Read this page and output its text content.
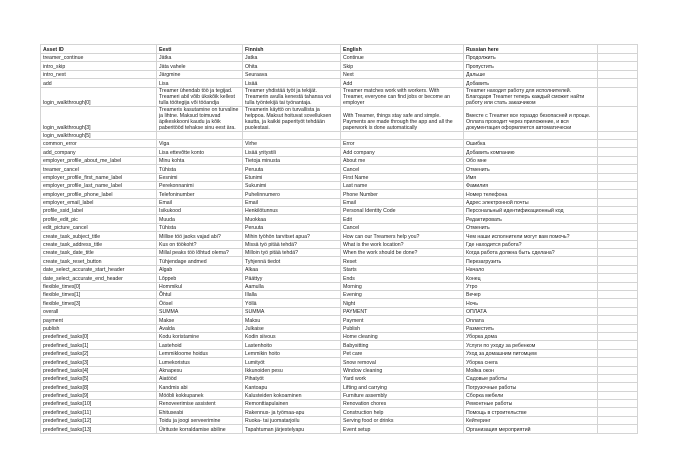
Asset ID	Eesti	Finnish	English	Russian here	
treamer_continue	Jätka	Jatka	Continue	Продолжить	
intro_skip	Jäta vahele	Ohita	Skip	Пропустить	
intro_next	Järgmine	Seuraava	Next	Дальше	
add	Lisa	Lisää	Add	Добавить	
login_walkthrough[0]	Treamer ühendab töö ja tegijad. Treameri abil võib ükskõik kellest tulla töötegija või tööandja	Treamer yhdistää työt ja tekijät. Treamerin avulla kenestä tahansa voi tulla työntekijä tai työnantaja.	Treamer matches work with workers. With Treamer, everyone can find jobs or become an employer	Treamer находит работу для исполнителей. Благодаря Treamer теперь каждый сможет найти работу или стать заказчиком	
login_walkthrough[3]	Treameris kasutamine on turvaline ja lihtne. Maksud toimuvad äpikeskkooni kaudu ja kõik paberitööd tehakse sinu eest ära.	Treamerin käyttö on turvallista ja helppoa. Maksut hoituvat sovelluksen kautta, ja kaikki paperityöt tehdään puolestasi.	With Treamer, things stay safe and simple. Payments are made through the app and all the paperwork is done automatically	Вместе с Treamer все гораздо безопасней и проще. Оплата проходит через приложение, и вся документация оформляется автоматически	
login_walkthrough[5]					
common_error	Viga	Virhe	Error	Ошибка	
add_company	Lisa ettevõtte konto	Lisää yritystili	Add company	Добавить компанию	
employer_profile_about_me_label	Minu kohta	Tietoja minusta	About me	Обо мне	
treamer_cancel	Tühista	Peruuta	Cancel	Отменить	
employer_profile_first_name_label	Eesnimi	Etunimi	First Name	Имя	
employer_profile_last_name_label	Perekonnanimi	Sukunimi	Last name	Фамилия	
employer_profile_phone_label	Telefoninumber	Puhelinnumero	Phone Number	Номер телефона	
employer_email_label	Email	Email	Email	Адрес электронной почты	
profile_ssid_label	Isikukood	Henkilötunnus	Personal Identity Code	Персональный идентификационный код	
profile_edit_pic	Muuda	Muokkaa	Edit	Редактировать	
edit_picture_cancel	Tühista	Peruuta	Cancel	Отменить	
create_task_subject_title	Millise töö jaoks vajad abi?	Mihin työhön tarvitset apua?	How can our Treamers help you?	Чем наши исполнители могут вам помочь?	
create_task_address_title	Kus on töökoht?	Missä työ pitää tehdä?	What is the work location?	Где находится работа?	
create_task_date_title	Millal peaks töö lõhtud olema?	Milloin työ pitää tehdä?	When the work should be done?	Когда работа должна быть сделана?	
create_task_reset_button	Tühjendage andmed	Tyhjennä tiedot	Reset	Перезагрузить	
date_select_accurate_start_header	Algab	Alkaa	Starts	Начало	
date_select_accurate_end_header	Lõppeb	Päättyy	Ends	Конец	
flexible_times[0]	Hommikul	Aamulla	Morning	Утро	
flexible_times[1]	Õhtul	Illalla	Evening	Вечер	
flexible_times[3]	Öösel	Yöllä	Night	Ночь	
overall	SUMMA	SUMMA	PAYMENT	ОПЛАТА	
payment	Makse	Maksu	Payment	Оплата	
publish	Avalda	Julkaise	Publish	Разместить	
predefined_tasks[0]	Kodu koristamine	Kodin siivous	Home cleaning	Уборка дома	
predefined_tasks[1]	Lastehoid	Lastenhoito	Babysitting	Услуги по уходу за ребенком	
predefined_tasks[2]	Lemmikloome hoidus	Lemmikin hoito	Pet care	Уход за домашним питомцем	
predefined_tasks[3]	Lumekoristus	Lumityöt	Snow removal	Уборка снега	
predefined_tasks[4]	Aknapesu	Ikkunoiden pesu	Window cleaning	Мойка окон	
predefined_tasks[5]	Aiatööd	Pihatyöt	Yard work	Садовые работы	
predefined_tasks[8]	Kandmis abi	Kantoapu	Lifting and carrying	Погрузочные работы	
predefined_tasks[9]	Mööbli kokkupanek	Kalusteiden kokoaminen	Furniture assembly	Сборка мебели	
predefined_tasks[10]	Renoveerimise assistent	Remonttiapulainen	Renovation chores	Ремонтные работы	
predefined_tasks[11]	Ehituseabi	Rakennus- ja työmaa-apu	Construction help	Помощь в строительстве	
predefined_tasks[12]	Toidu ja joogi serveerimine	Ruoka- tai juomatarjoilu	Serving food or drinks	Кейтеринг	
predefined_tasks[13]	Üirituste korraldamise abiline	Tapahtuman järjestelyapu	Event setup	Организация мероприятий	
